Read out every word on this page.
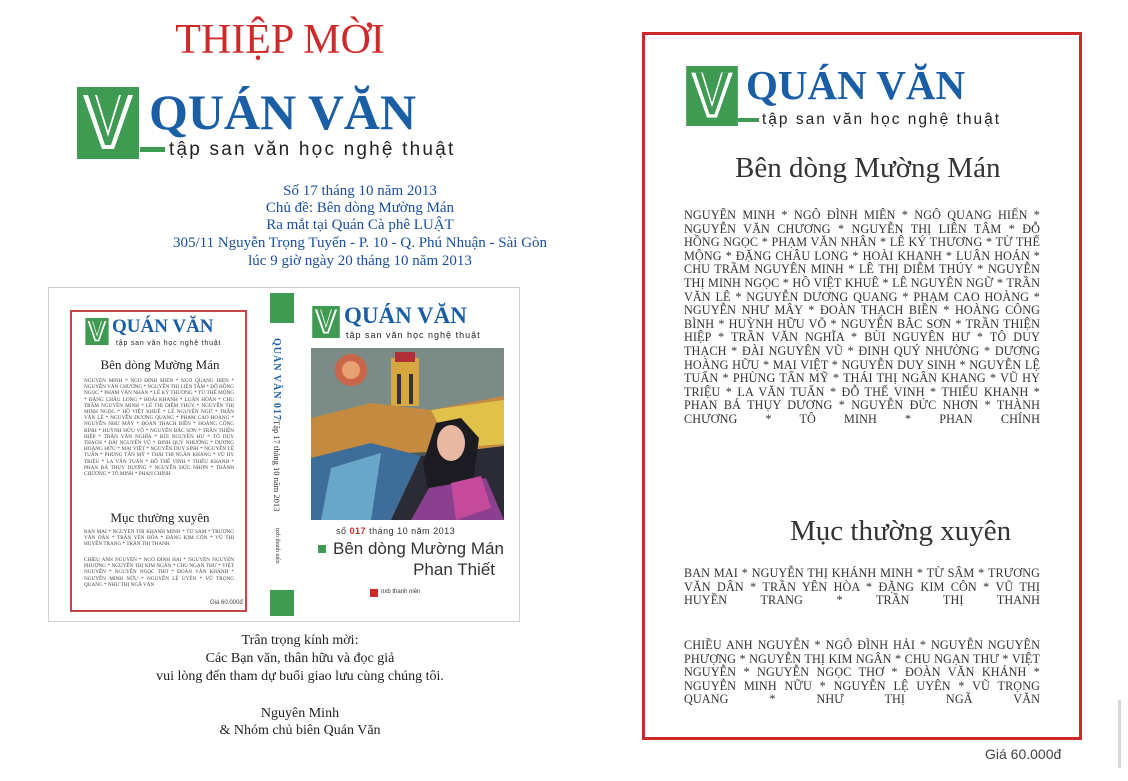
THIỆP MỜI
QUÁN VĂN
tập san văn học nghệ thuật
Số 17 tháng 10 năm 2013
Chủ đề: Bên dòng Mường Mán
Ra mắt tại Quán Cà phê LUẬT
305/11 Nguyễn Trọng Tuyển - P. 10 - Q. Phú Nhuận - Sài Gòn
lúc 9 giờ ngày 20 tháng 10 năm 2013
QUÁN VĂN
tập san văn học nghệ thuật
Bên dòng Mường Mán
NGUYÊN MINH * NGÔ ĐÌNH MIÊN * NGÔ QUANG HIỂN * NGUYỄN VĂN CHƯƠNG * NGUYỄN THỊ LIÊN TÂM * ĐỖ HỒNG NGỌC * PHẠM VĂN NHÂN * LÊ KÝ THƯƠNG * TỪ THẾ MỘNG * ĐẶNG CHÂU LONG * HOÀI KHANH * LUÂN HOÁN * CHU TRẦM NGUYÊN MINH * LÊ THỊ DIỄM THÚY * NGUYỄN THỊ MINH NGỌC * HỒ VIỆT KHUÊ * LÊ NGUYÊN NGỮ * TRẦN VĂN LÊ * NGUYỄN DƯƠNG QUANG * PHẠM CAO HOÀNG * NGUYỄN NHƯ MÂY * ĐOÀN THẠCH BIỀN * HOÀNG CÔNG BÌNH * HUỲNH HỮU VÕ * NGUYỄN BẮC SƠN * TRẦN THIỆN HIỆP * TRẦN VĂN NGHĨA * BÙI NGUYÊN HƯ * TÔ DUY THẠCH * ĐÀI NGUYÊN VŨ * ĐINH QUÝ NHƯỜNG * DƯƠNG HOÀNG HỮU * MAI VIỆT * NGUYỄN DUY SINH * NGUYỄN LỆ TUẤN * PHÙNG TẤN MỸ * THÁI THỊ NGÂN KHANG * VŨ HY TRIỆU * LA VĂN TUẤN * ĐỖ THẾ VINH * THIẾU KHANH * PHAN BÁ THỤY DƯƠNG * NGUYỄN ĐỨC NHƠN * THÀNH CHƯƠNG * TÔ MINH * PHAN CHÍNH
Mục thường xuyên
BAN MAI * NGUYỄN THỊ KHÁNH MINH * TỪ SÂM * TRƯƠNG VĂN DÂN * TRẦN YÊN HÒA * ĐẶNG KIM CÔN * VŨ THỊ HUYỀN TRANG * TRẦN THỊ THANH
CHIỀU ANH NGUYỄN * NGÔ ĐÌNH HẢI * NGUYỄN NGUYÊN PHƯỢNG * NGUYỄN THỊ KIM NGÂN * CHU NGẠN THƯ * VIỆT NGUYỄN * NGUYỄN NGỌC THƠ * ĐOÀN VĂN KHÁNH * NGUYỄN MINH NỮU * NGUYỄN LỆ UYÊN * VŨ TRỌNG QUANG * NHƯ THỊ NGÃ VĂN
Giá 60.000đ
QUÁN VĂN 017
Tập 17 tháng 10 năm 2013
nxb thanh niên
QUÁN VĂN
tập san văn học nghệ thuật
số 017 tháng 10 năm 2013
Bên dòng Mường Mán
Phan Thiết
nxb thanh niên
Trân trọng kính mời:
Các Bạn văn, thân hữu và đọc giả
vui lòng đến tham dự buổi giao lưu cùng chúng tôi.
Nguyên Minh
& Nhóm chủ biên Quán Văn
QUÁN VĂN
tập san văn học nghệ thuật
Bên dòng Mường Mán
NGUYÊN MINH * NGÔ ĐÌNH MIÊN * NGÔ QUANG HIỂN * NGUYỄN VĂN CHƯƠNG * NGUYỄN THỊ LIÊN TÂM * ĐỖ HỒNG NGỌC * PHẠM VĂN NHÂN * LÊ KÝ THƯƠNG * TỪ THẾ MỘNG * ĐẶNG CHÂU LONG * HOÀI KHANH * LUÂN HOÁN * CHU TRẦM NGUYÊN MINH * LÊ THỊ DIỄM THÚY * NGUYỄN THỊ MINH NGỌC * HỒ VIỆT KHUÊ * LÊ NGUYÊN NGỮ * TRẦN VĂN LÊ * NGUYỄN DƯƠNG QUANG * PHẠM CAO HOÀNG * NGUYỄN NHƯ MÂY * ĐOÀN THẠCH BIỀN * HOÀNG CÔNG BÌNH * HUỲNH HỮU VÕ * NGUYỄN BẮC SƠN * TRẦN THIỆN HIỆP * TRẦN VĂN NGHĨA * BÙI NGUYÊN HƯ * TÔ DUY THẠCH * ĐÀI NGUYÊN VŨ * ĐINH QUÝ NHƯỜNG * DƯƠNG HOÀNG HỮU * MAI VIỆT * NGUYỄN DUY SINH * NGUYỄN LỆ TUẤN * PHÙNG TẤN MỸ * THÁI THỊ NGÂN KHANG * VŨ HY TRIỆU * LA VĂN TUẤN * ĐỖ THẾ VINH * THIẾU KHANH * PHAN BÁ THỤY DƯƠNG * NGUYỄN ĐỨC NHƠN * THÀNH CHƯƠNG * TÔ MINH * PHAN CHÍNH
Mục thường xuyên
BAN MAI * NGUYỄN THỊ KHÁNH MINH * TỪ SÂM * TRƯƠNG VĂN DÂN * TRẦN YÊN HÒA * ĐẶNG KIM CÔN * VŨ THỊ HUYỀN TRANG * TRẦN THỊ THANH
CHIỀU ANH NGUYỄN * NGÔ ĐÌNH HẢI * NGUYỄN NGUYÊN PHƯỢNG * NGUYỄN THỊ KIM NGÂN * CHU NGẠN THƯ * VIỆT NGUYỄN * NGUYỄN NGỌC THƠ * ĐOÀN VĂN KHÁNH * NGUYỄN MINH NỮU * NGUYỄN LỆ UYÊN * VŨ TRỌNG QUANG * NHƯ THỊ NGÃ VĂN
Giá 60.000đ
